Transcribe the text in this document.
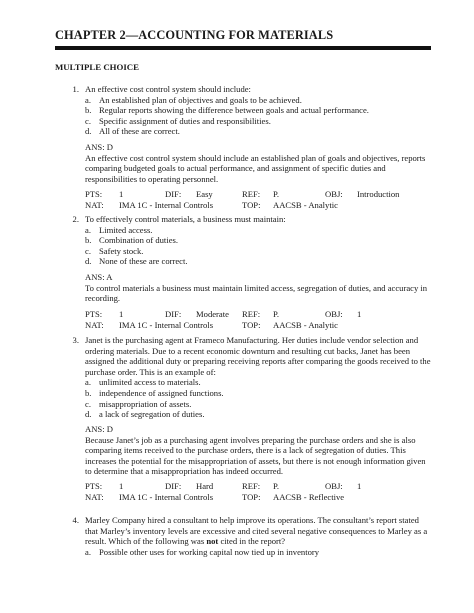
CHAPTER 2—ACCOUNTING FOR MATERIALS
MULTIPLE CHOICE
1. An effective cost control system should include:
a. An established plan of objectives and goals to be achieved.
b. Regular reports showing the difference between goals and actual performance.
c. Specific assignment of duties and responsibilities.
d. All of these are correct.
ANS: D
An effective cost control system should include an established plan of goals and objectives, reports comparing budgeted goals to actual performance, and assignment of specific duties and responsibilities to operating personnel.
PTS: 1	DIF: Easy	REF: P.	OBJ: Introduction
NAT: IMA 1C - Internal Controls	TOP: AACSB - Analytic
2. To effectively control materials, a business must maintain:
a. Limited access.
b. Combination of duties.
c. Safety stock.
d. None of these are correct.
ANS: A
To control materials a business must maintain limited access, segregation of duties, and accuracy in recording.
PTS: 1	DIF: Moderate REF: P.	OBJ: 1
NAT: IMA 1C - Internal Controls	TOP: AACSB - Analytic
3. Janet is the purchasing agent at Frameco Manufacturing. Her duties include vendor selection and ordering materials. Due to a recent economic downturn and resulting cut backs, Janet has been assigned the additional duty or preparing receiving reports after comparing the goods received to the purchase order. This is an example of:
a. unlimited access to materials.
b. independence of assigned functions.
c. misappropriation of assets.
d. a lack of segregation of duties.
ANS: D
Because Janet’s job as a purchasing agent involves preparing the purchase orders and she is also comparing items received to the purchase orders, there is a lack of segregation of duties. This increases the potential for the misappropriation of assets, but there is not enough information given to determine that a misappropriation has indeed occurred.
PTS: 1	DIF: Hard	REF: P.	OBJ: 1
NAT: IMA 1C - Internal Controls	TOP: AACSB - Reflective
4. Marley Company hired a consultant to help improve its operations. The consultant’s report stated that Marley’s inventory levels are excessive and cited several negative consequences to Marley as a result. Which of the following was not cited in the report?
a. Possible other uses for working capital now tied up in inventory
